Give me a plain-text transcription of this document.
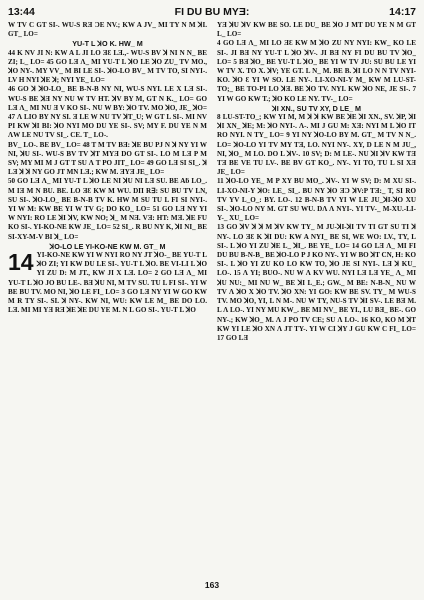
13:44	FI DU BU MYƎ:	14:17

W TV C GT SI-. WU-S RƎ ƆE NV.; KW A JV_ MI TY N M ꓘI. GT_ LO=

YU-T L ꓘO K. HW_ M

44 K NV JI N: KW A L JI LO ƎƐ LƎ.,- WU-S BV ꓘ NI N N_ BE ZI; L_ LO= 45 GO LƎ Λ_ MI YU-T L ꓘO LE ꓘO ZU_ TV MO., ꓘO NY-. MY VV_ M BI LE SI-. ꓘO-LO BV_ M TV TO, SI NYI-. LV H NYI ꓘE ꓘ; NYI YE_ LO=

46 GO ꓘ ꓘO-LO_ BE B-N-B NY NI, WU-S NYI. LE X LƎ SI-. WU-S BE ꓘƎ NY NU W TV HT. ꓘV BY M, GT N K._ LO= GO LƎ Λ_ MI NU Ǝ V KO SI-. NU W BY: ꓘO TV. MO ꓘO, JE_ ꓘO= 47 Λ LIO BY NY SI. Ǝ LE W NU TV ꓘT_U; W GT L SI-. MI NV PI KW ꓘI BI: ꓘO NYI MO DU YE SI-. SV; MY F. DU YE N M ΛW LE NU TV SI_. CE. T_ LO-.

BV_ LO-. BE BV_ LO= 48 T M TV BƎ: ꓘE BU PJ N ꓘ NY YI W NI, ꓘU SI-. WU-S BV TV ꓘT MYƎ DO GT SI-. LO M LƎ P M SV; MY MI M J GT T SU Λ T PO JIT_ LO= 49 GO LƎ SI SI_. ꓘ LƎ ꓘ ꓘ NY GO JT MN LƎ.; KW M. ƎYƎ JE_ LO=

50 GO LƎ Λ_ MI YU-T L ꓘO LE NI ꓘU NI LƎ SU. BE Aƃ LO_. M IƎ M N BU. BE. LO ƎƐ KW M WU. DΠ R∃: SU BU TV LN, SU SI-. ꓘO-LO_ BE B-N-B TV K. HW M SU TU L FI SI NYI-. YI W M: KW BE YI W TV G; DO KO_ LO= 51 GO LƎ NY YI W NYI: RO LE ꓘI ꓘV, KW NO; ꓘ_ M NƎ. VƎ: HT: MƎ. ꓘE FU KO SI-. YI-KO-NE KW JE_ LO= 52 SI_. R BU NY K, ꓘI NI_ BE SI-XY-M-V BI ꓘ_ LO=

ꓘO-LO LE YI-KO-NE KW M. GT_ M

14 YI-KO-NE KW YI W NYI RO NY JT ꓘO-_ BE YU-T L ꓘO ZI; YI KW DU LE SI-. YU-T L ꓘO. BE VI-LI L ꓘO YI ZU D: M JT., KW JI X LƎ. LO= 2 GO LƎ Λ_ MI YU-T L ꓘO JO BU LE-. BƎ ꓘU NI, M TV SU. TU L FI SI-. YI W BE BU TV. MO NI, ꓘO LE FI_ LO= 3 GO LƎ NY YI W GO KW M R TY SI-. SI. ꓘ NY-. KW NI, WU: KW LE M_ BE DO LO. LƎ. MI MI YƎ RƎ ꓘE ꓘE DU YE M. N L GO SI-. YU-T L ꓘO

YƎ ꓘU ꓘV KW BE SO. LE DU_ BE ꓘO J MT DU YE N M GT L_ LO=

4 GO LƎ Λ_ MI LO ƎƐ KW M ꓘO ZU NY NYI: KW_ KO LE SI-. JI BƎ NY YU-T L ꓘO ꓘV-. JI BƎ NY FI DU BU TV ꓘO_ LO= 5 BƎ ꓘO_ BE YU-T L ꓘO_ BE YI W TV JU: SU BU LE YI W TV X. TO X. ꓘV; YE GT. L N_ M. BE B. ꓘI LO N N TV NYI- KO. ꓘO Ɛ YI W SO. LE NY-. LI-XO-NI-Y M_ KW M LU-ST-TO;_ BE TO-PI LO ꓘƎ. BE ꓘO TV. NYI. KW ꓘO NE, JE SI-. 7 YI W GO KW T.; ꓘO KO LE NY. TV-_ LO=

ꓘI XN., SU TV XY, D LE_ M

8 LU-ST-TO_; KW YI M, M ꓘ ꓘ KW BE ꓘE ꓘI XN., SV. ꓘP, ꓘI ꓘI XN_ ꓘE; M: ꓘO NYI-. Λ-. MI J GU M: XƎ: NYI M L ꓘO IT RO NYI. N TY_ LO= 9 YI NY ꓘO-LO BY M. GT_ M TV N N_. LO= ꓘO-LO YI TV MY TƎ, LO. NYI NY-. XY, D LE N M JU_, NI, ꓘO_ M LO. DO L ꓘV-. 10 SV; D: M LE-. NU ꓘI ꓘV KW TƎ TƎ BE VE TU LV-. BE BV GT KO_. NY-. YI TO, TU L SI XƎ JE_ LO=

11 ꓘO-LO YE_ M P XY BU MO_. ꓘV-. YI W SV; D: M XU SI-. LI-XO-NI-Y ꓘO: LE_ SI_. BU NY ꓘO ƎƆ ꓘV:P TƎ:_ T, SI RO TV YV L_O_: BY. LO-. 12 B-N-B TV YI W LE JU_ꓘI-ꓘO XU SI-. ꓘO-LO NY M. GT SU WU. DΛ Λ NYI-. YI TV-_ M-XU.-LI-Y-_ XU_ LO=

13 GO ꓘV ꓘ ꓘ M ꓘV KW TY_ M JU-ꓘI-ꓘI TV TI GT SU TI ꓘ NY-. LO ƎƐ K ꓘI DU: KW A NYI_ BE SI, WE WO: LV., TY, L SI-. L ꓘO YI ZU ꓘE L_ ꓘI_. BE YE_ LO= 14 GO LƎ Λ_ MI FI DU BU B-N-B_ BE ꓘO-LO P J KO NY-. YI W BO ꓘT CN, H: KO SI-. L ꓘO YI ZU KO LO KW TO, ꓘO JE SI NYI-. LƎ ꓘ KU_ LO-. 15 Λ YI; BUO-. NU W Λ KV WU. NYI LƎ LƎ YE_ Λ_ MI ꓘU NU:_ MI NU W_ BE ꓘI L_E.; GW._ M BE: N-B-N_ NU W TV Λ ꓘO X ꓘO TV. ꓘO XN: YI GO: KW BE SV. TY_ M WU-S TV. MO ꓘO, YI, L N M-. NU W TY, NU-S TV ꓘI SV-. LE BƎ M. L Λ LO-. YI NY MU KW_. BE MI NV_ BE YI., LU BƎ_ BE-. GO NY-.; KW ꓘO_ M. Λ J PO TV CE; SU Λ LO-. 16 KO, KO M ꓘT KW YI LE ꓘO XN Λ JT TY-. YI W CI ꓘY J GU KW C FI_ LO= 17 GO LƎ

163
